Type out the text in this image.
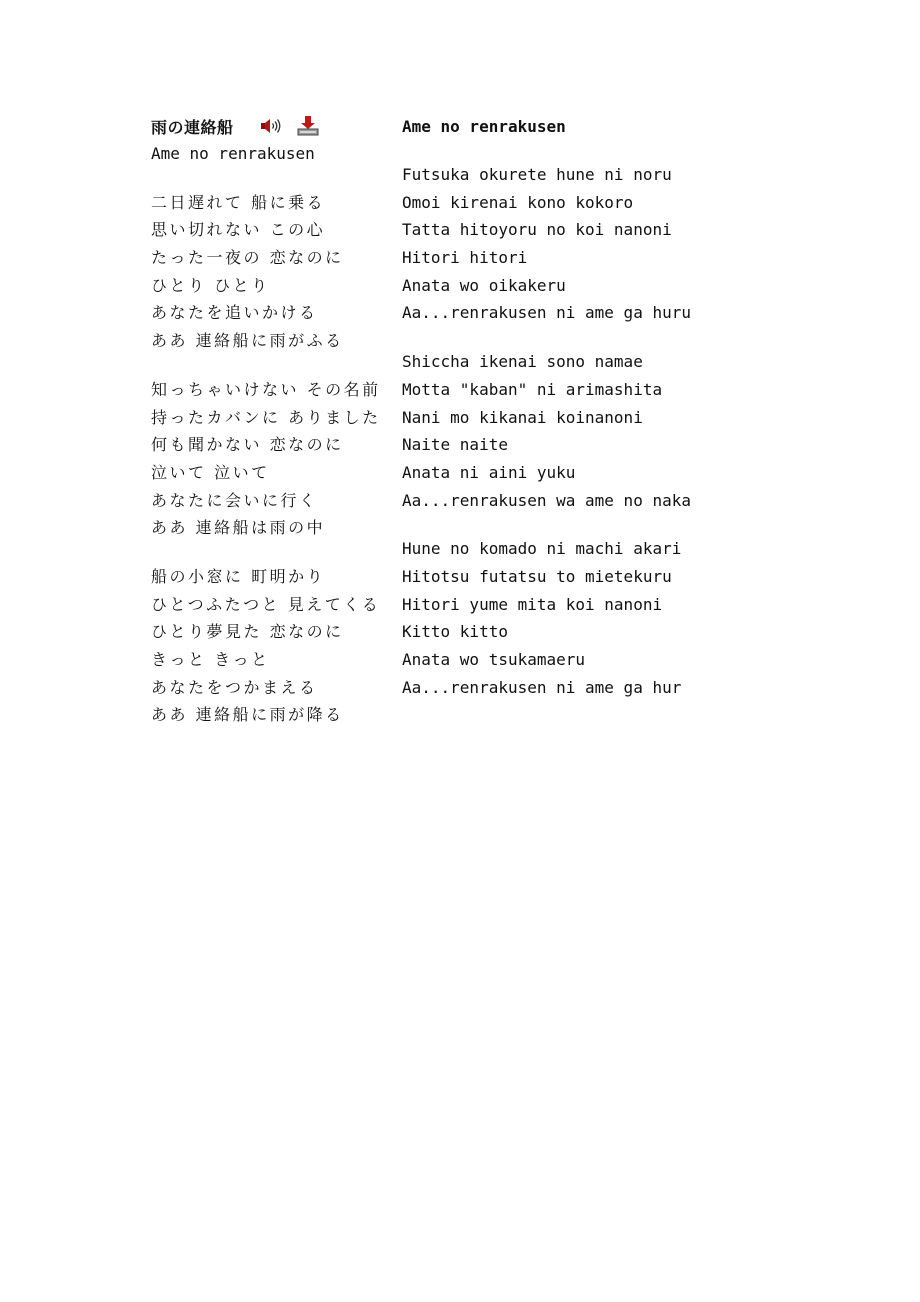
雨の連絡船
Ame no renrakusen
二日遅れて 船に乗る
思い切れない この心
たった一夜の 恋なのに
ひとり ひとり
あなたを追いかける
ああ 連絡船に雨がふる
知っちゃいけない その名前
持ったカバンに ありました
何も聞かない 恋なのに
泣いて 泣いて
あなたに会いに行く
ああ 連絡船は雨の中
船の小窓に 町明かり
ひとつふたつと 見えてくる
ひとり夢見た 恋なのに
きっと きっと
あなたをつかまえる
ああ 連絡船に雨が降る
Ame no renrakusen
Futsuka okurete hune ni noru
Omoi kirenai kono kokoro
Tatta hitoyoru no koi nanoni
Hitori hitori
Anata wo oikakeru
Aa...renrakusen ni ame ga huru
Shiccha ikenai sono namae
Motta "kaban" ni arimashita
Nani mo kikanai koinanoni
Naite naite
Anata ni aini yuku
Aa...renrakusen wa ame no naka
Hune no komado ni machi akari
Hitotsu futatsu to mietekuru
Hitori yume mita koi nanoni
Kitto kitto
Anata wo tsukamaeru
Aa...renrakusen ni ame ga hur
